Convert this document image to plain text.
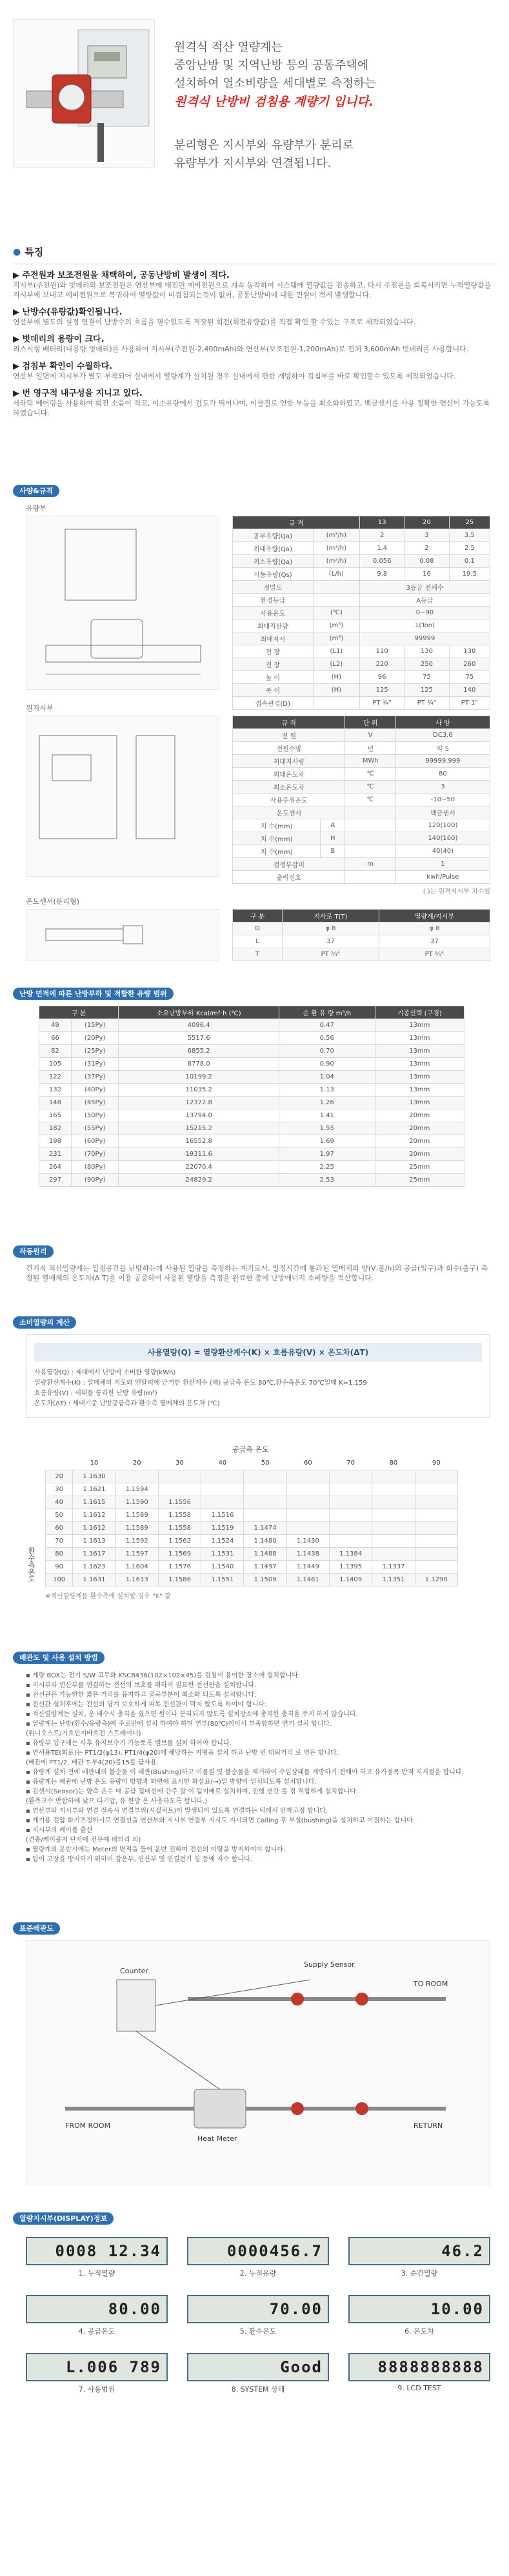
원격식 적산 열량계는
중앙난방 및 지역난방 등의 공동주택에
설치하여 열소비량을 세대별로 측정하는
원격식 난방비 검침용 계량기 입니다.
분리형은 지시부와 유량부가 분리로
유량부가 지시부와 연결됩니다.
● 특징
▶ 주전원과 보조전원을 채택하여, 공동난방비 발생이 적다.
지시부(주전원)와 벗데리의 보조전원은 연산부에 대전원 예비전원으로 계속 동작하여 시스템에 열량값을 전송하고, 다시 주전원을 회복시키면 누적열량값을 지시부에 보내고 예비전원으로 복귀하여 열량값이 미검침되는것이 없어, 공동난방비에 대한 민원이 적게 발생합니다.
▶ 난방수(유량값)확인됩니다.
연산부에 별도의 설정 연결이 난방수의 흐름을 필수있도록 저장된 회전(회전유량값)를 직접 확인 할 수있는 구조로 제작되었습니다.
▶ 벗데리의 용량이 크다.
리스시형 배터리(대용량 벗데리)를 사용하여 지시부(주전원-2,400mAh)와 연산부(보조전원-1,200mAh)로 전체 3,600mAh 벗데리를 사용합니다.
▶ 검침부 확인이 수월하다.
연산부 일면에 지시부가 별도 부착되어 실내에서 열량계가 설치될 경우 실내에서 편한 개방하여 검침부를 바로 확인할수 있도록 제작되었습니다.
▶ 번 영구적 내구성을 지니고 있다.
세라믹 베어링을 사용하여 회전 소음이 적고, 이소유량에서 감도가 뛰어나며, 이물질로 인한 부동을 최소화하였고, 백금센서를 사용 정확한 연산이 가능토록 하였습니다.
사양&규격
유량부
규 격		13	20	25
공부유량(Qa)	(m³/h)	2	3	3.5
최대유량(Qa)	(m³/h)	1.4	2	2.5
최소유량(Qa)	(m³/h)	0.056	0.08	0.1
시동유량(Qs)	(L/h)	9.8	16	19.5
정밀도		3등급 전체수		
환경등급		A등급		
사용온도	(℃)	0~90		
최대적산량	(m³)	1(Ton)		
최대지시	(m³)	99999		
전 장	(L1)	110	130	130
전 장	(L2)	220	250	260
높 이	(H)	96	75	75
폭 이	(H)	125	125	140
접속관경(D)		PT ¾"	PT ¾"	PT 1"
원지시부
규 격		단 위	사 양
전 원		V	DC3.6
전원수명		년	약 5
최대지시량		MWh	99999.999
최대온도차		℃	80
최소온도차		℃	3
사용주위온도		℃	-10~50
온도센서			백금센서
치 수(mm)	A		120(100)
치 수(mm)	H		140(160)
치 수(mm)	B		40(40)
검정부감미		m	1
출력신호			kwh/Pulse
( )는 원격지시부 치수임
온도센서(분리형)
구 분	지사로 T(T)	열량계/지시부
D	φ 8	φ 8
L	37	37
T	PT ¼"	PT ¼"
난방 면적에 따른 난방부하 및 적합한 유량 범위
구 분		소요난방부하 Kcal/m²·h (℃)	순 환 유 량 m³/h	기종선택 (구경)
49	(15Py)	4096.4	0.47	13mm
66	(20Py)	5517.6	0.56	13mm
82	(25Py)	6855.2	0.70	13mm
105	(31Py)	8778.0	0.90	13mm
122	(37Py)	10199.2	1.04	13mm
132	(40Py)	11035.2	1.13	13mm
148	(45Py)	12372.8	1.26	13mm
165	(50Py)	13794.0	1.41	20mm
182	(55Py)	15215.2	1.55	20mm
198	(60Py)	16552.8	1.69	20mm
231	(70Py)	19311.6	1.97	20mm
264	(80Py)	22070.4	2.25	25mm
297	(90Py)	24829.2	2.53	25mm
작동원리
건지식 적산열량계는 일정공간을 난방하는데 사용된 열량을 측정하는 계기로서, 일정시간에 통과된 열매체의 양(V,볼/h)의 공급(입구)과 회수(출구) 측정된 열매체의 온도차(Δ T)를 이용 공중하여 사용된 열량을 측정을 완료한 총에 난방에너지 소비량을 적산합니다.
소비열량의 계산
사용열량(Q) = 열량환산계수(K) × 흐름유량(V) × 온도차(ΔT)
사용열량(Q) : 세대에서 난방에 소비한 열량(kWh)
열량환산계수(K) : 열매체의 지도와 엔탈피에 근거한 환산계수 (해) 공급측 온도 80℃,환수측온도 70℃일때 K=1.159
흐름유량(V) : 세대를 통과한 난방 유량(m³)
온도차(ΔT) : 세대기준 난방공급측과 환수측 열매체의 온도차 (℃)
공급측 온도
환수측온도
	10	20	30	40	50	60	70	80	90
20	1.1630								
30	1.1621	1.1594							
40	1.1615	1.1590	1.1556						
50	1.1612	1.1589	1.1558	1.1516					
60	1.1612	1.1589	1.1558	1.1519	1.1474				
70	1.1613	1.1592	1.1562	1.1524	1.1480	1.1430			
80	1.1617	1.1597	1.1569	1.1531	1.1488	1.1438	1.1384		
90	1.1623	1.1604	1.1576	1.1540	1.1497	1.1449	1.1395	1.1337	
100	1.1631	1.1613	1.1586	1.1551	1.1509	1.1461	1.1409	1.1351	1.1290
※적산열량계를 환수측에 설치할 경우 "K" 값
배관도 및 사용 설치 방법
▪ 계량 BOX는 전기 S/W 고무와 KSC8436(102×102×45)를 검침이 용이한 장소에 설치합니다.
▪ 지시부와 연산부를 연결하는 전선의 보호를 위하여 필요한 전선관을 설치합니다.
▪ 전선관은 가능한한 짧은 거리를 유지하고 굴곡부분이 최소화 되도록 설치합니다.
▪ 전선관 설치후에는 전선의 당겨 보호하게 피복 전선관이 막지 않도록 하여야 합니다.
▪ 적산열량계는 설치, 운 배수시 충격을 줬으면 원이나 분리되지 않도록 설치장소에 충격한 충격을 주지 하지 않습니다.
▪ 열량계는 난방(환수/유량측)에 주로만에 설치 하여야 하며 연부(80℃)이이시 부족합하면 연기 설치 합니다.
(위니오스트/기흐인지바흐전 스트레이너)
▪ 유량부 입구에는 사후 유지보수가 가능토록 밸브를 설치 하여야 합니다.
▪ 연서용TE(회로)는 PT1/2(φ13), PT1/4(φ20)에 해당하는 지형을 설치 하고 난방 빈 대퇴거리 로 엮은 합니다.
(배관에 PT1/2, 배관 T-부4(20)를15를 급사용.
▪ 유량계 설치 전에 배관내의 불순물 이 배관(Bushing)하고 이물질 및 불순물을 제거하여 수일상태를 개방하기 전해야 하고 유가점목 반적 지지점을 합니다.
▪ 유량계는 배관에 난방 온도 유량이 방향과 화면에 표시한 화살표(→)일 방향이 일치되도록 설치합니다.
▪ 김센서(Sensor)는 양측 온수 대 공급 접대선에 간주 잘 이 됨지배로 설치하며, 진행 연간 를 정 적합하게 설치합니다.
(환측교수 반합하에 낮으 다기압, 유 한방 온 사용하도록 합니다.)
▪ 연산부와 지시부와 연결 절속시 연결부위(시겠처트)이 발생되어 있도록 연결하는 덕에서 안착고정 합니다.
▪ 계기용 전압 화기조정하시로 연결선을 연산부와 지시부 연결부 지시도 지시되면 Calling 후 부실(bushing)을 설치하고 이점하는 합니다.
▪ 지시부의 케이블 출선
(견종/케이블저 단자에 컨뮤에 배터리 의)
▪ 열량계의 운반시에는 Meter의 면적을 들어 운반 전하며 전선의 이탈을 방지하여야 합니다.
▪ 입이 고장을 방지하기 위하여 감온부, 연산부 및 연결전기 칭 등에 지수 합니다.
표준배관도
Supply Sensor
TO ROOM
Counter
FROM ROOM
Heat Meter
RETURN
열량지시부(DISPLAY)정보
0008 12.34
1. 누적열량
0000456.7
2. 누적유량
46.2
3. 순간열량
80.00
4. 공급온도
70.00
5. 환수온도
10.00
6. 온도차
L.006 789
7. 사용범위
Good
8. SYSTEM 상태
8888888888
9. LCD TEST
